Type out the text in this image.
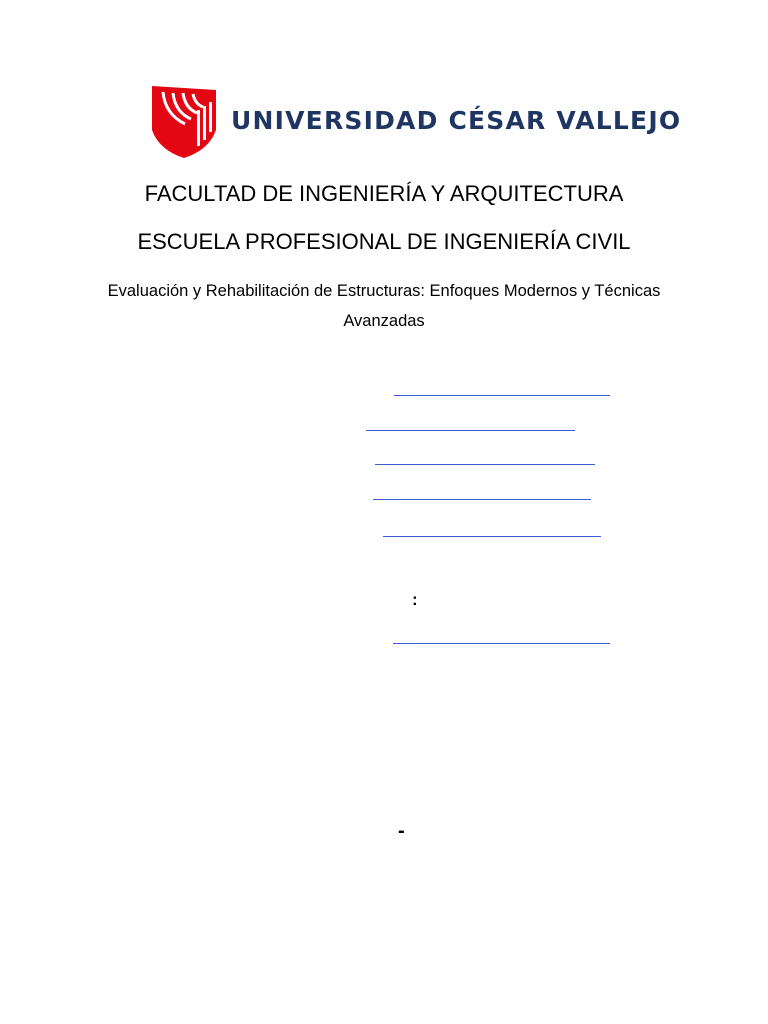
UNIVERSIDAD CÉSAR VALLEJO
FACULTAD DE INGENIERÍA Y ARQUITECTURA
ESCUELA PROFESIONAL DE INGENIERÍA CIVIL
Evaluación y Rehabilitación de Estructuras: Enfoques Modernos y Técnicas Avanzadas
:
-
